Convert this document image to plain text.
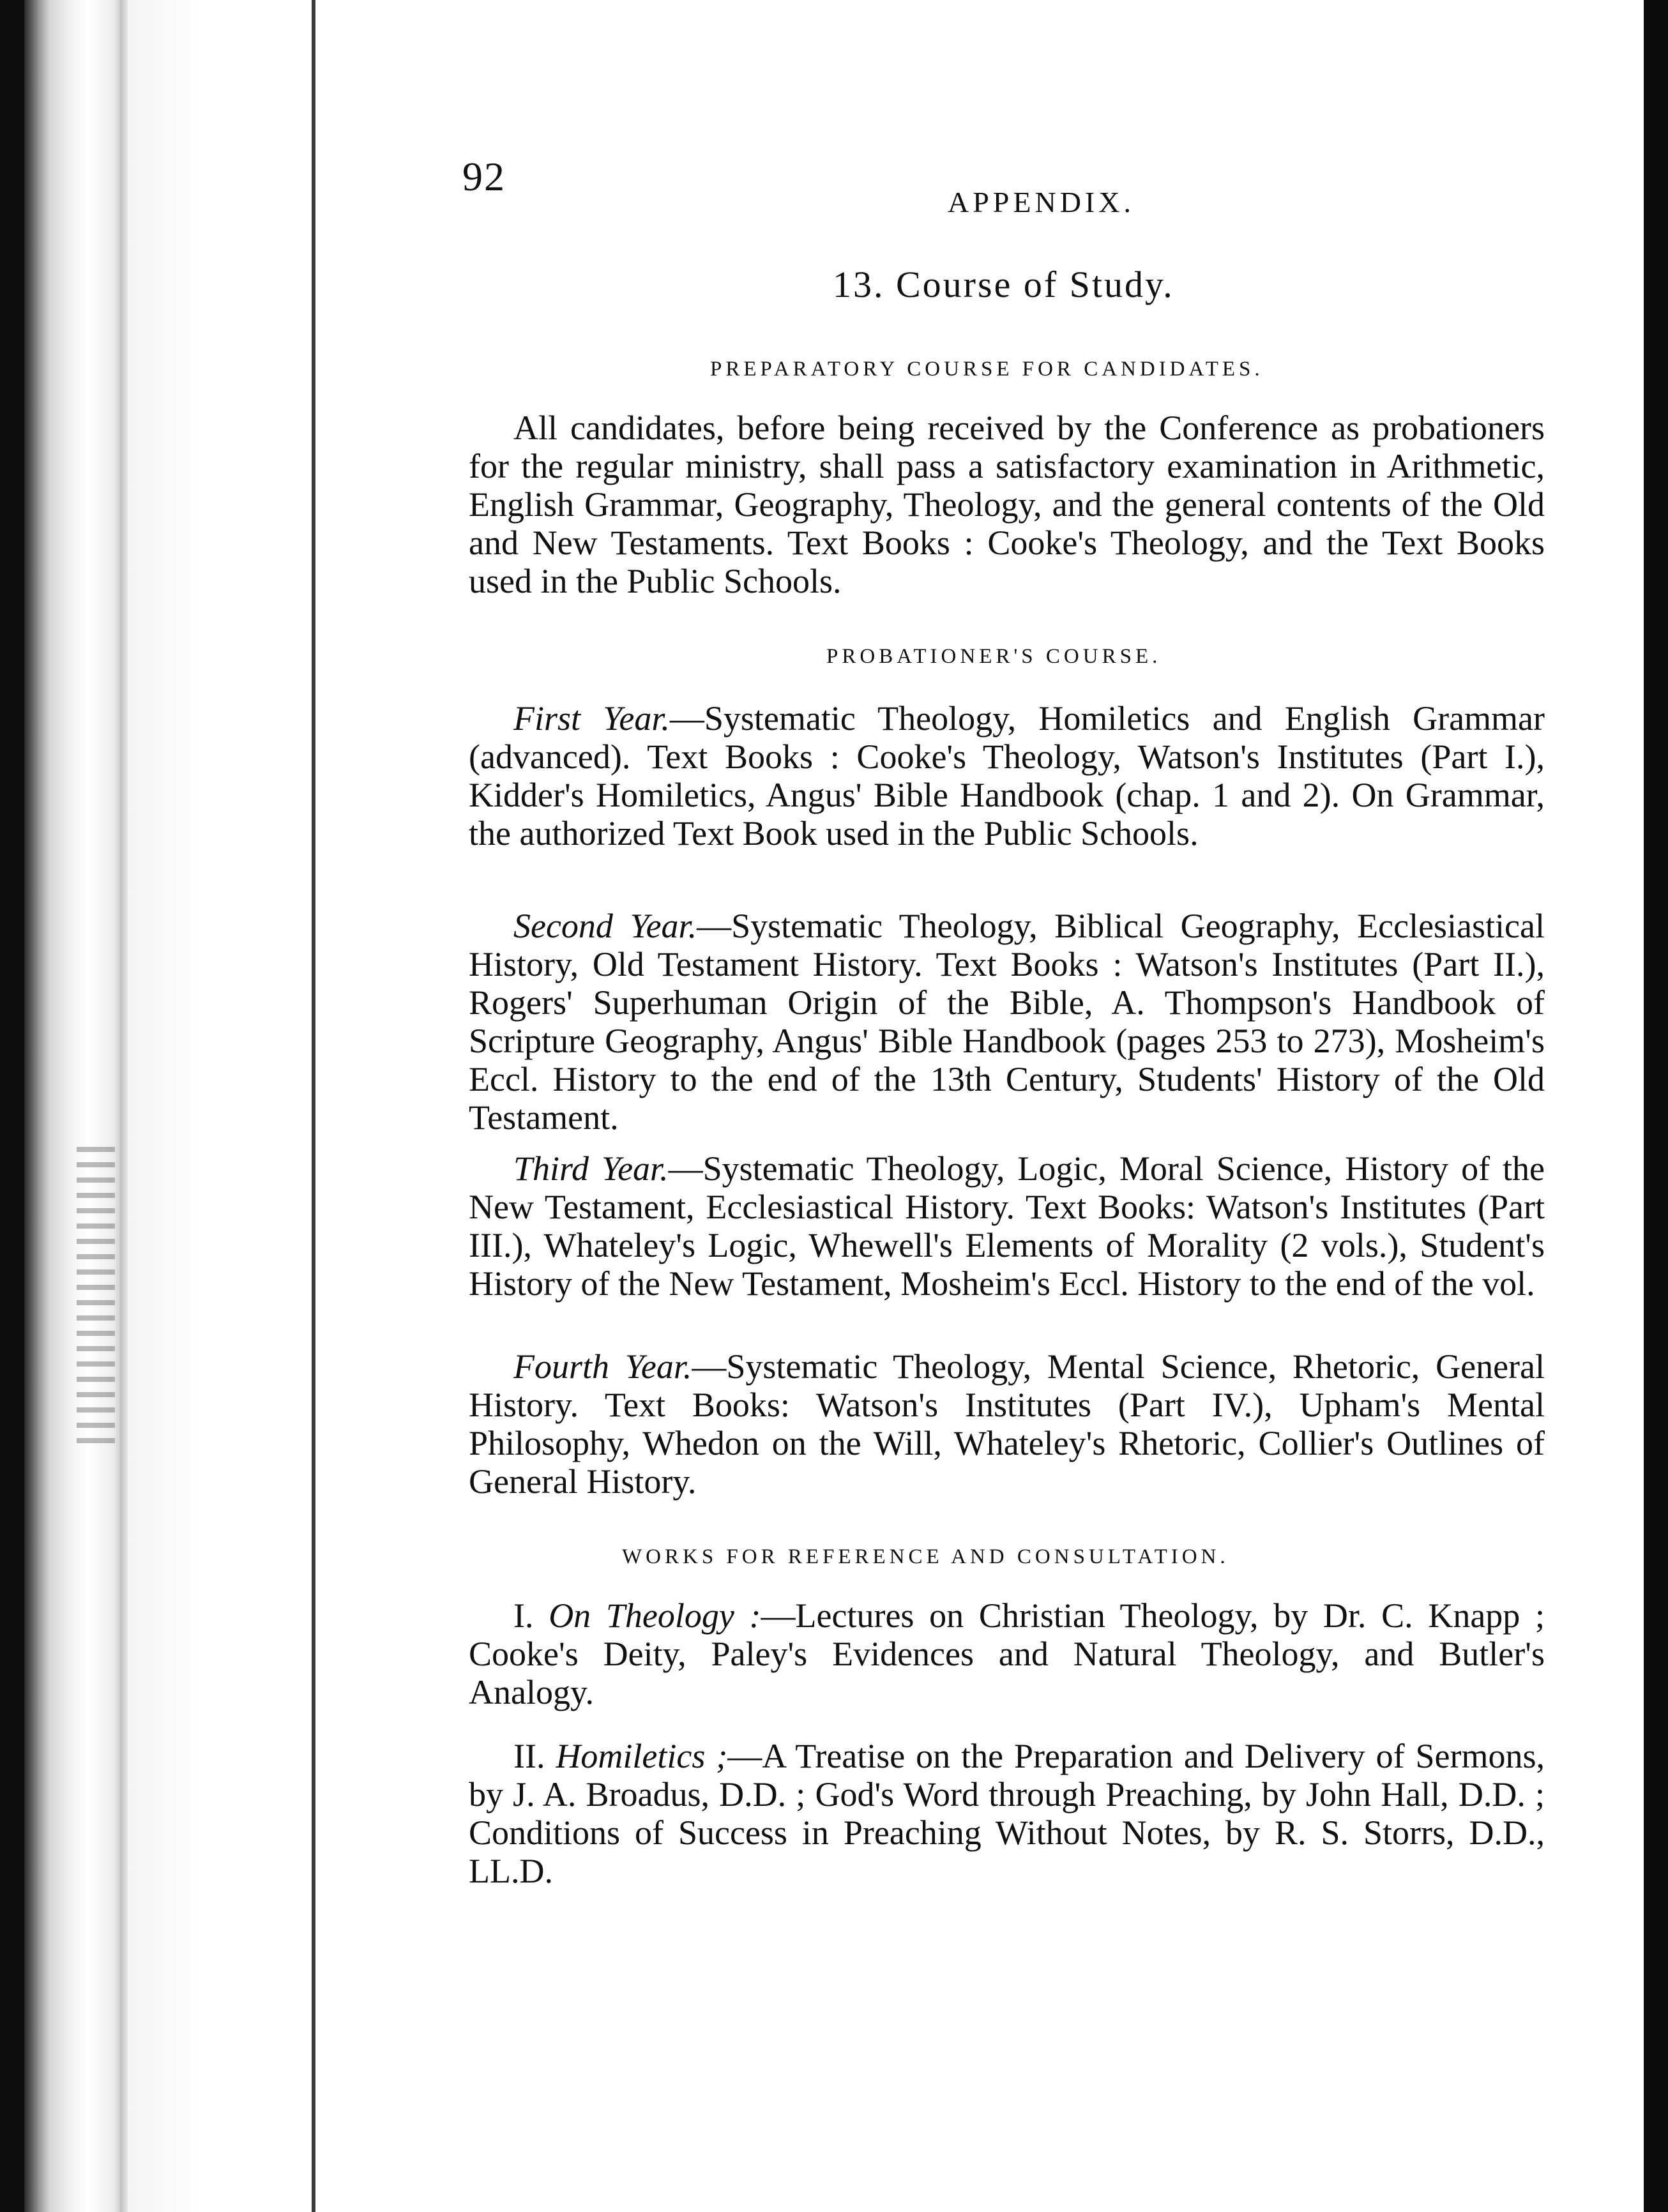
92
APPENDIX.
13. Course of Study.
PREPARATORY COURSE FOR CANDIDATES.

All candidates, before being received by the Conference as probationers for the regular ministry, shall pass a satisfactory examination in Arithmetic, English Grammar, Geography, Theology, and the general contents of the Old and New Testaments. Text Books : Cooke's Theology, and the Text Books used in the Public Schools.

PROBATIONER'S COURSE.

First Year.—Systematic Theology, Homiletics and English Grammar (advanced). Text Books : Cooke's Theology, Watson's Institutes (Part I.), Kidder's Homiletics, Angus' Bible Handbook (chap. 1 and 2). On Grammar, the authorized Text Book used in the Public Schools.

Second Year.—Systematic Theology, Biblical Geography, Ecclesiastical History, Old Testament History. Text Books : Watson's Institutes (Part II.), Rogers' Superhuman Origin of the Bible, A. Thompson's Handbook of Scripture Geography, Angus' Bible Handbook (pages 253 to 273), Mosheim's Eccl. History to the end of the 13th Century, Students' History of the Old Testament.

Third Year.—Systematic Theology, Logic, Moral Science, History of the New Testament, Ecclesiastical History. Text Books: Watson's Institutes (Part III.), Whateley's Logic, Whewell's Elements of Morality (2 vols.), Student's History of the New Testament, Mosheim's Eccl. History to the end of the vol.

Fourth Year.—Systematic Theology, Mental Science, Rhetoric, General History. Text Books: Watson's Institutes (Part IV.), Upham's Mental Philosophy, Whedon on the Will, Whateley's Rhetoric, Collier's Outlines of General History.

WORKS FOR REFERENCE AND CONSULTATION.

I. On Theology :—Lectures on Christian Theology, by Dr. C. Knapp ; Cooke's Deity, Paley's Evidences and Natural Theology, and Butler's Analogy.

II. Homiletics ;—A Treatise on the Preparation and Delivery of Sermons, by J. A. Broadus, D.D. ; God's Word through Preaching, by John Hall, D.D. ; Conditions of Success in Preaching Without Notes, by R. S. Storrs, D.D., LL.D.
